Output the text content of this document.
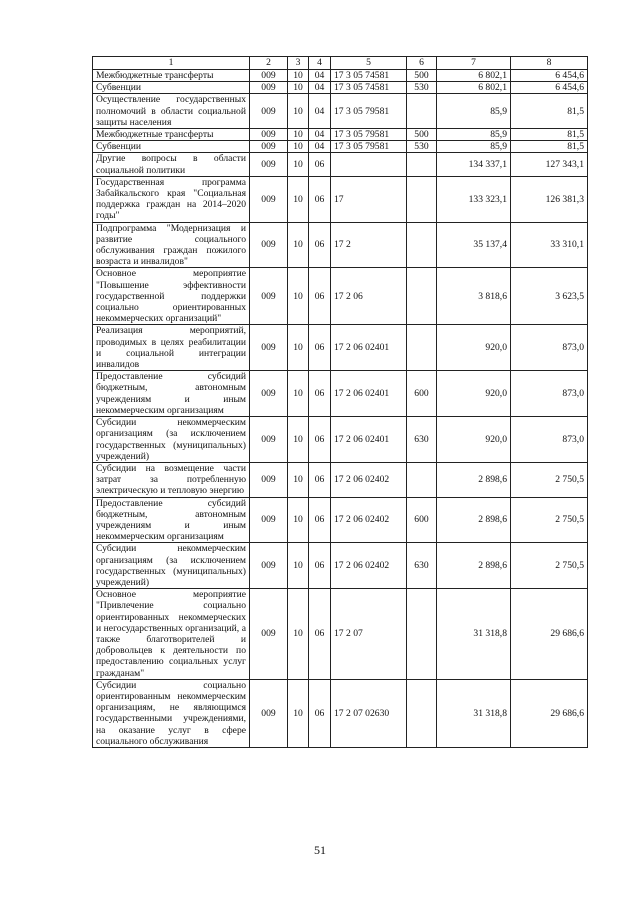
1	2	3	4	5	6	7	8
Межбюджетные трансферты	009	10	04	17 3 05 74581	500	6 802,1	6 454,6
Субвенции	009	10	04	17 3 05 74581	530	6 802,1	6 454,6
Осуществление государственных полномочий в области социальной защиты населения	009	10	04	17 3 05 79581		85,9	81,5
Межбюджетные трансферты	009	10	04	17 3 05 79581	500	85,9	81,5
Субвенции	009	10	04	17 3 05 79581	530	85,9	81,5
Другие вопросы в области социальной политики	009	10	06			134 337,1	127 343,1
Государственная программа Забайкальского края "Социальная поддержка граждан на 2014–2020 годы"	009	10	06	17		133 323,1	126 381,3
Подпрограмма "Модернизация и развитие социального обслуживания граждан пожилого возраста и инвалидов"	009	10	06	17 2		35 137,4	33 310,1
Основное мероприятие "Повышение эффективности государственной поддержки социально ориентированных некоммерческих организаций"	009	10	06	17 2 06		3 818,6	3 623,5
Реализация мероприятий, проводимых в целях реабилитации и социальной интеграции инвалидов	009	10	06	17 2 06 02401		920,0	873,0
Предоставление субсидий бюджетным, автономным учреждениям и иным некоммерческим организациям	009	10	06	17 2 06 02401	600	920,0	873,0
Субсидии некоммерческим организациям (за исключением государственных (муниципальных) учреждений)	009	10	06	17 2 06 02401	630	920,0	873,0
Субсидии на возмещение части затрат за потребленную электрическую и тепловую энергию	009	10	06	17 2 06 02402		2 898,6	2 750,5
Предоставление субсидий бюджетным, автономным учреждениям и иным некоммерческим организациям	009	10	06	17 2 06 02402	600	2 898,6	2 750,5
Субсидии некоммерческим организациям (за исключением государственных (муниципальных) учреждений)	009	10	06	17 2 06 02402	630	2 898,6	2 750,5
Основное мероприятие "Привлечение социально ориентированных некоммерческих и негосударственных организаций, а также благотворителей и добровольцев к деятельности по предоставлению социальных услуг гражданам"	009	10	06	17 2 07		31 318,8	29 686,6
Субсидии социально ориентированным некоммерческим организациям, не являющимся государственными учреждениями, на оказание услуг в сфере социального обслуживания	009	10	06	17 2 07 02630		31 318,8	29 686,6
51
